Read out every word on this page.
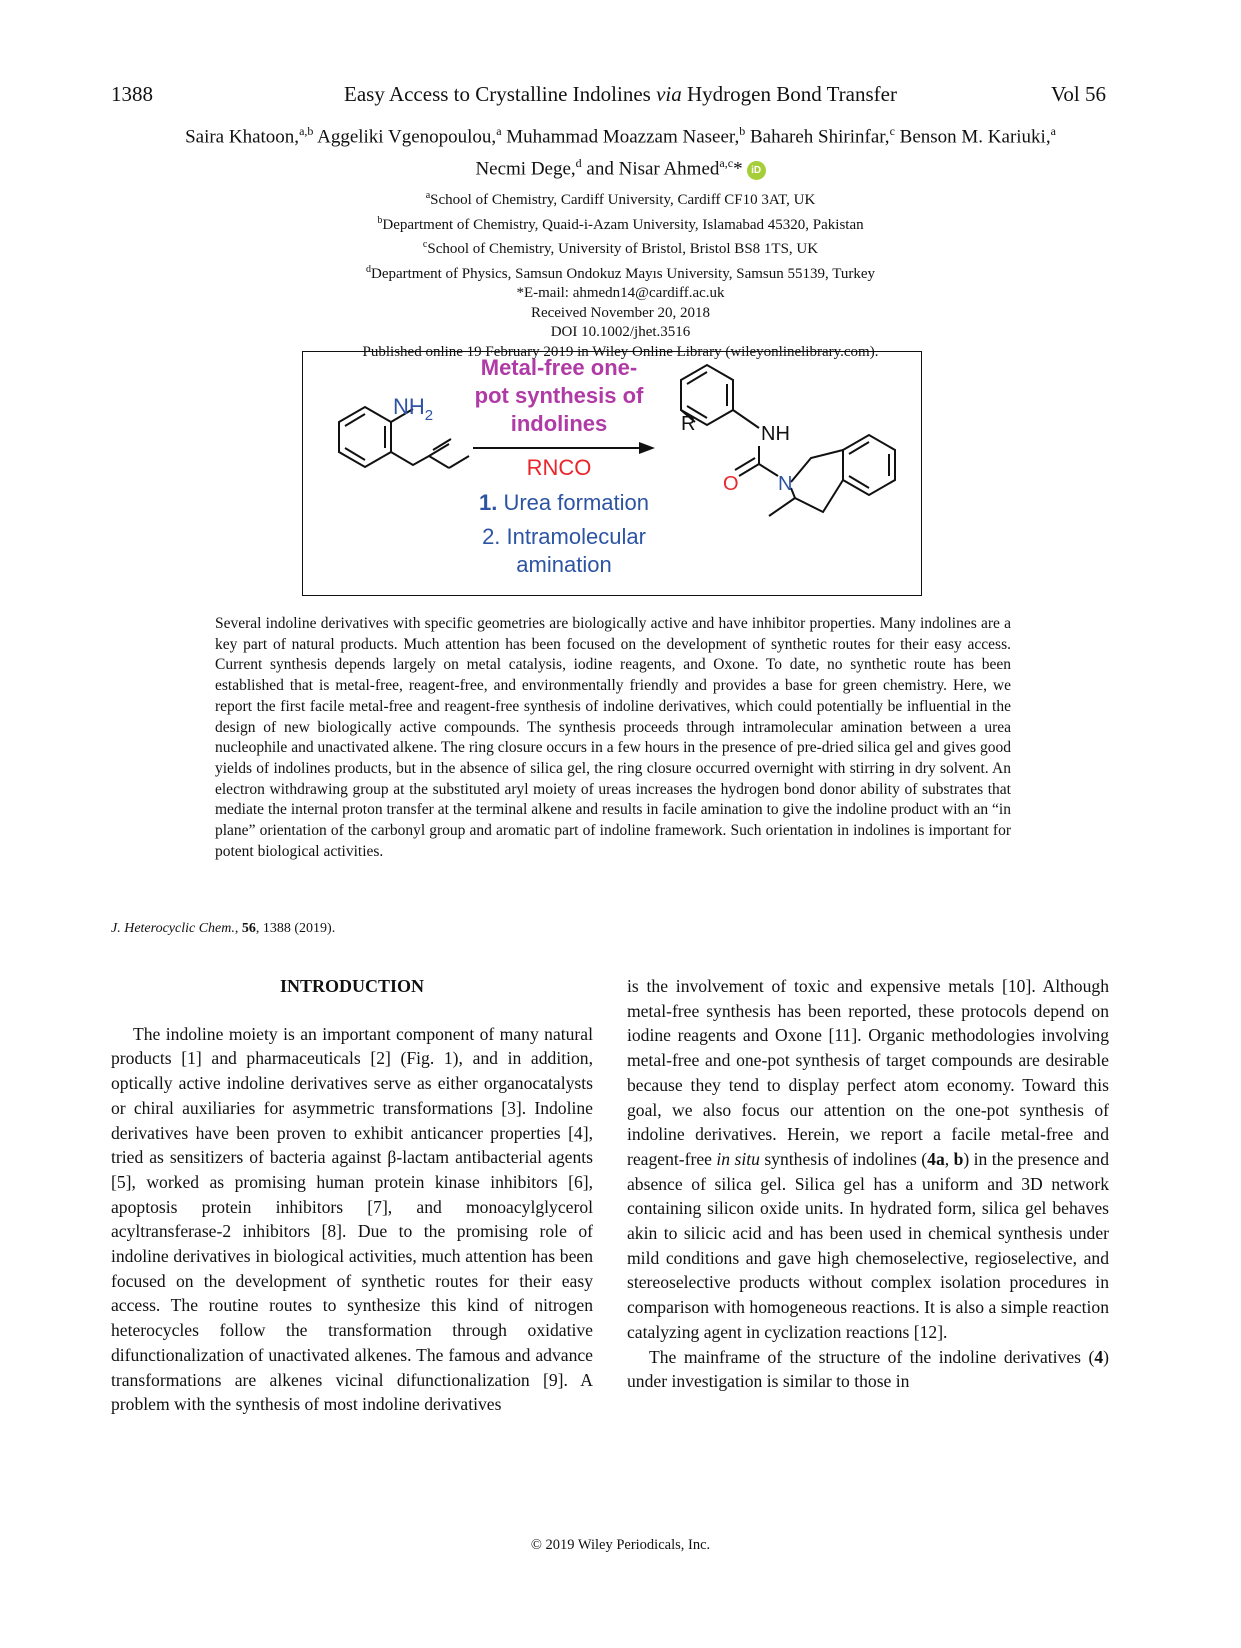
1388	Easy Access to Crystalline Indolines via Hydrogen Bond Transfer	Vol 56
Saira Khatoon,$^{a,b}$ Aggeliki Vgenopoulou,$^a$ Muhammad Moazzam Naseer,$^b$ Bahareh Shirinfar,$^c$ Benson M. Kariuki,$^a$
Necmi Dege,$^d$ and Nisar Ahmed$^{a,c}$* iD
$^a$School of Chemistry, Cardiff University, Cardiff CF10 3AT, UK
$^b$Department of Chemistry, Quaid-i-Azam University, Islamabad 45320, Pakistan
$^c$School of Chemistry, University of Bristol, Bristol BS8 1TS, UK
$^d$Department of Physics, Samsun Ondokuz Mayıs University, Samsun 55139, Turkey
*E-mail: ahmedn14@cardiff.ac.uk
Received November 20, 2018
DOI 10.1002/jhet.3516
Published online 19 February 2019 in Wiley Online Library (wileyonlinelibrary.com).
$NH_2$	R	NH
O N
Metal-free one-
pot synthesis of
indolines
RNCO
1. Urea formation
2. Intramolecular
amination
Several indoline derivatives with specific geometries are biologically active and have inhibitor properties. Many indolines are a key part of natural products. Much attention has been focused on the development of synthetic routes for their easy access. Current synthesis depends largely on metal catalysis, iodine reagents, and Oxone. To date, no synthetic route has been established that is metal-free, reagent-free, and environmentally friendly and provides a base for green chemistry. Here, we report the first facile metal-free and reagent-free synthesis of indoline derivatives, which could potentially be influential in the design of new biologically active compounds. The synthesis proceeds through intramolecular amination between a urea nucleophile and unactivated alkene. The ring closure occurs in a few hours in the presence of pre-dried silica gel and gives good yields of indolines products, but in the absence of silica gel, the ring closure occurred overnight with stirring in dry solvent. An electron withdrawing group at the substituted aryl moiety of ureas increases the hydrogen bond donor ability of substrates that mediate the internal proton transfer at the terminal alkene and results in facile amination to give the indoline product with an “in plane” orientation of the carbonyl group and aromatic part of indoline framework. Such orientation in indolines is important for potent biological activities.
J. Heterocyclic Chem., 56, 1388 (2019).

INTRODUCTION

The indoline moiety is an important component of many natural products [1] and pharmaceuticals [2] (Fig. 1), and in addition, optically active indoline derivatives serve as either organocatalysts or chiral auxiliaries for asymmetric transformations [3]. Indoline derivatives have been proven to exhibit anticancer properties [4], tried as sensitizers of bacteria against β-lactam antibacterial agents [5], worked as promising human protein kinase inhibitors [6], apoptosis protein inhibitors [7], and monoacylglycerol acyltransferase-2 inhibitors [8]. Due to the promising role of indoline derivatives in biological activities, much attention has been focused on the development of synthetic routes for their easy access. The routine routes to synthesize this kind of nitrogen heterocycles follow the transformation through oxidative difunctionalization of unactivated alkenes. The famous and advance transformations are alkenes vicinal difunctionalization [9]. A problem with the synthesis of most indoline derivatives

is the involvement of toxic and expensive metals [10]. Although metal-free synthesis has been reported, these protocols depend on iodine reagents and Oxone [11]. Organic methodologies involving metal-free and one-pot synthesis of target compounds are desirable because they tend to display perfect atom economy. Toward this goal, we also focus our attention on the one-pot synthesis of indoline derivatives. Herein, we report a facile metal-free and reagent-free in situ synthesis of indolines (4a, b) in the presence and absence of silica gel. Silica gel has a uniform and 3D network containing silicon oxide units. In hydrated form, silica gel behaves akin to silicic acid and has been used in chemical synthesis under mild conditions and gave high chemoselective, regioselective, and stereoselective products without complex isolation procedures in comparison with homogeneous reactions. It is also a simple reaction catalyzing agent in cyclization reactions [12].

The mainframe of the structure of the indoline derivatives (4) under investigation is similar to those in

© 2019 Wiley Periodicals, Inc.
